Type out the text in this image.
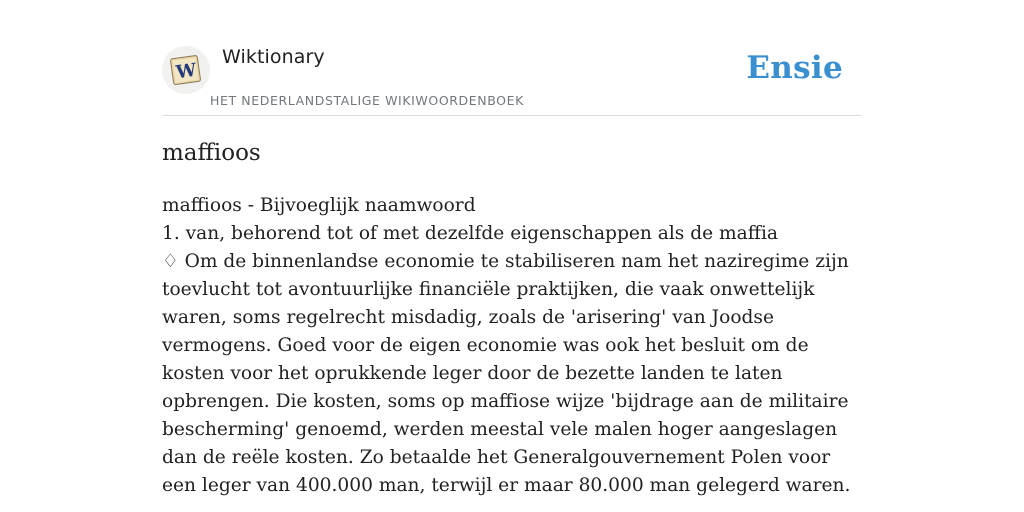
W
Wiktionary
HET NEDERLANDSTALIGE WIKIWOORDENBOEK
Ensie
maffioos

maffioos - Bijvoeglijk naamwoord

1. van, behorend tot of met dezelfde eigenschappen als de maffia

♢ Om de binnenlandse economie te stabiliseren nam het naziregime zijn toevlucht tot avontuurlijke financiële praktijken, die vaak onwettelijk waren, soms regelrecht misdadig, zoals de 'arisering' van Joodse vermogens. Goed voor de eigen economie was ook het besluit om de kosten voor het oprukkende leger door de bezette landen te laten opbrengen. Die kosten, soms op maffiose wijze 'bijdrage aan de militaire bescherming' genoemd, werden meestal vele malen hoger aangeslagen dan de reële kosten. Zo betaalde het Generalgouvernement Polen voor een leger van 400.000 man, terwijl er maar 80.000 man gelegerd waren.
